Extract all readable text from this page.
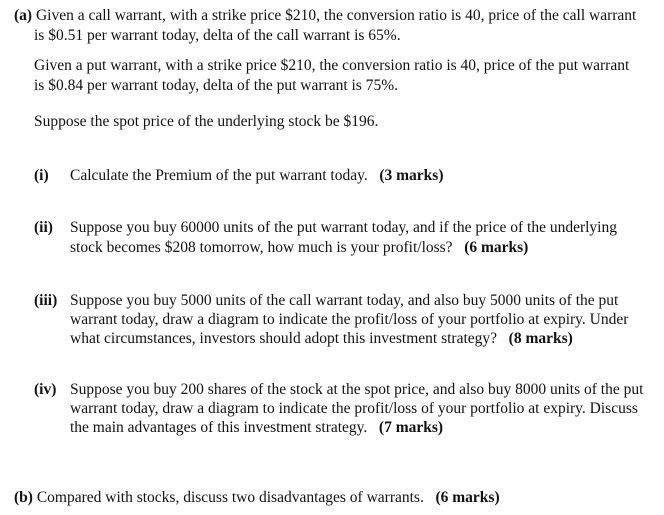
(a) Given a call warrant, with a strike price $210, the conversion ratio is 40, price of the call warrant
is $0.51 per warrant today, delta of the call warrant is 65%.
Given a put warrant, with a strike price $210, the conversion ratio is 40, price of the put warrant
is $0.84 per warrant today, delta of the put warrant is 75%.
Suppose the spot price of the underlying stock be $196.
(i) Calculate the Premium of the put warrant today. (3 marks)
(ii) Suppose you buy 60000 units of the put warrant today, and if the price of the underlying
stock becomes $208 tomorrow, how much is your profit/loss? (6 marks)
(iii) Suppose you buy 5000 units of the call warrant today, and also buy 5000 units of the put
warrant today, draw a diagram to indicate the profit/loss of your portfolio at expiry. Under
what circumstances, investors should adopt this investment strategy? (8 marks)
(iv) Suppose you buy 200 shares of the stock at the spot price, and also buy 8000 units of the put
warrant today, draw a diagram to indicate the profit/loss of your portfolio at expiry. Discuss
the main advantages of this investment strategy. (7 marks)
(b) Compared with stocks, discuss two disadvantages of warrants. (6 marks)
